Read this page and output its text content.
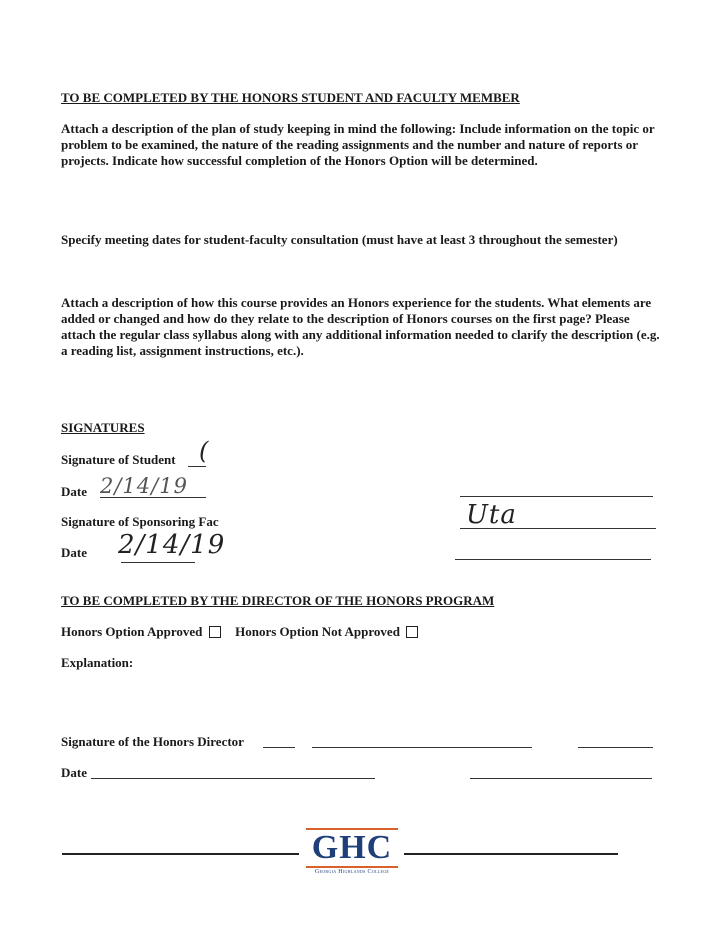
TO BE COMPLETED BY THE HONORS STUDENT AND FACULTY MEMBER
Attach a description of the plan of study keeping in mind the following: Include information on the topic or problem to be examined, the nature of the reading assignments and the number and nature of reports or projects. Indicate how successful completion of the Honors Option will be determined.
Specify meeting dates for student-faculty consultation (must have at least 3 throughout the semester)
Attach a description of how this course provides an Honors experience for the students. What elements are added or changed and how do they relate to the description of Honors courses on the first page? Please attach the regular class syllabus along with any additional information needed to clarify the description (e.g. a reading list, assignment instructions, etc.).
SIGNATURES
Signature of Student (
Date 2/14/19
Signature of Sponsoring Fac	Uta
Date 2/14/19
TO BE COMPLETED BY THE DIRECTOR OF THE HONORS PROGRAM
Honors Option Approved	Honors Option Not Approved
Explanation:
Signature of the Honors Director
Date
GHC
Georgia Highlands College
